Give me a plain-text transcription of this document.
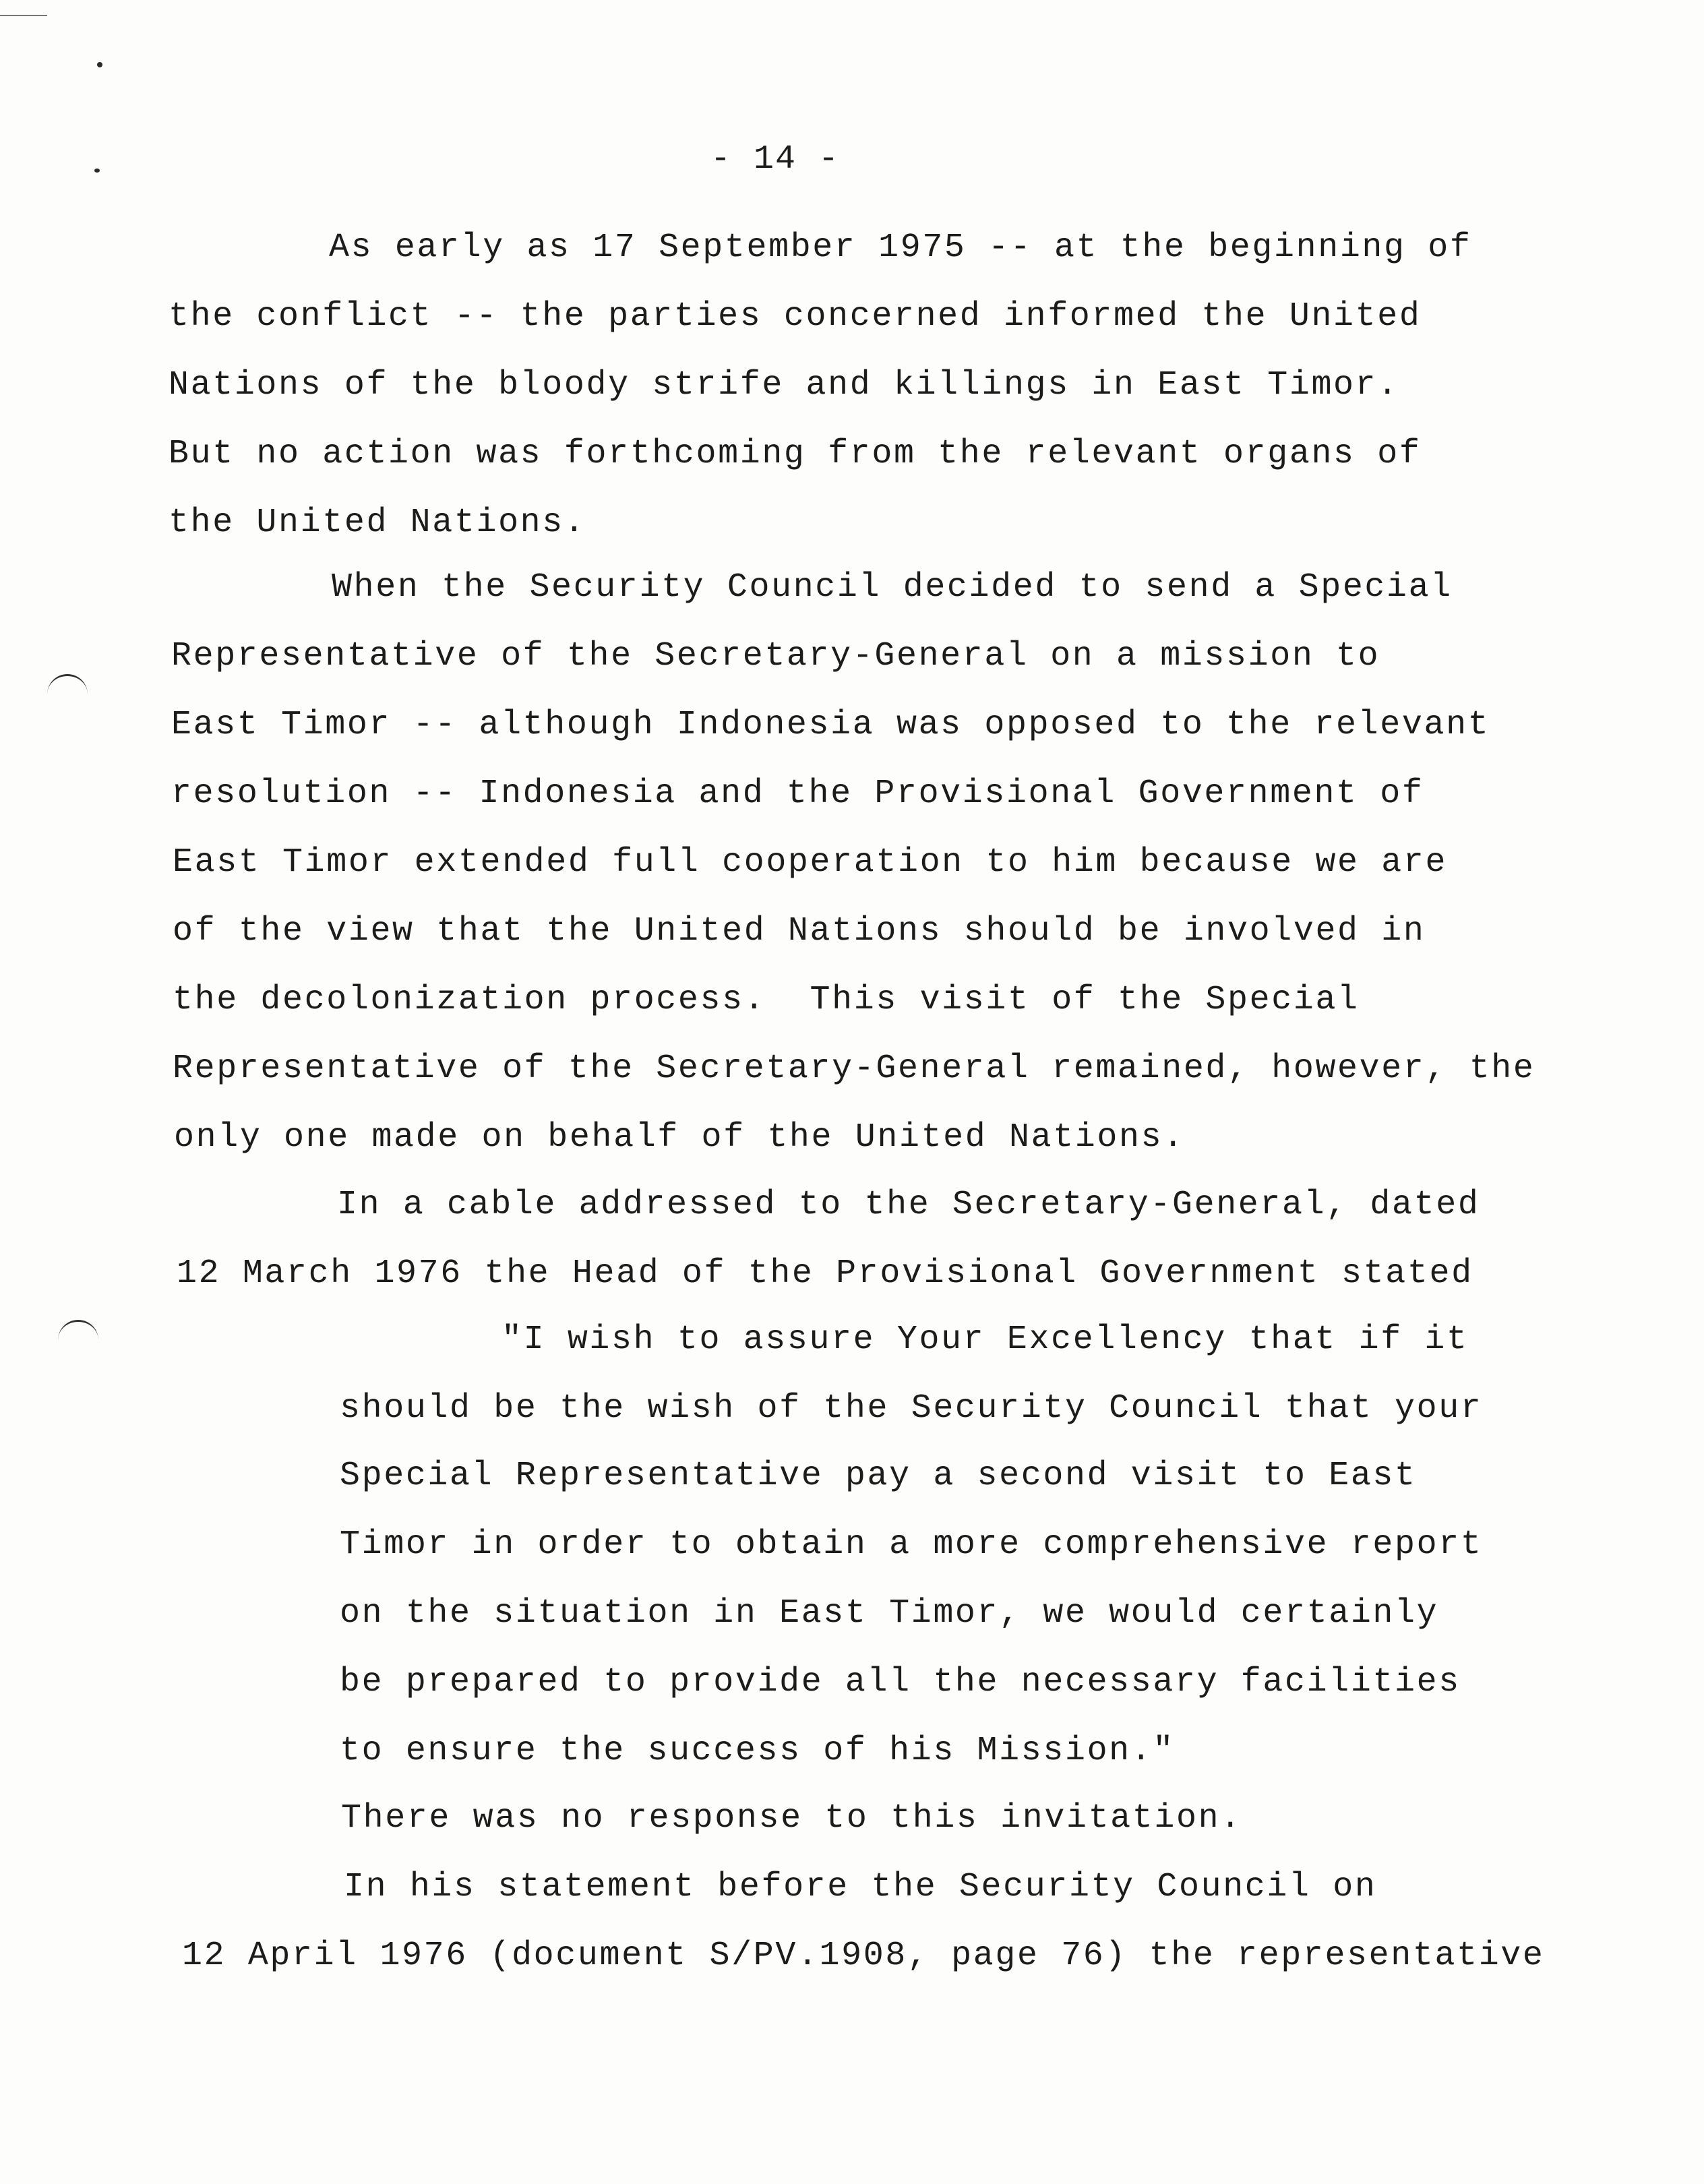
- 14 -
As early as 17 September 1975 -- at the beginning of
the conflict -- the parties concerned informed the United
Nations of the bloody strife and killings in East Timor.
But no action was forthcoming from the relevant organs of
the United Nations.
When the Security Council decided to send a Special
Representative of the Secretary-General on a mission to
East Timor -- although Indonesia was opposed to the relevant
resolution -- Indonesia and the Provisional Government of
East Timor extended full cooperation to him because we are
of the view that the United Nations should be involved in
the decolonization process.  This visit of the Special
Representative of the Secretary-General remained, however, the
only one made on behalf of the United Nations.
In a cable addressed to the Secretary-General, dated
12 March 1976 the Head of the Provisional Government stated
"I wish to assure Your Excellency that if it
should be the wish of the Security Council that your
Special Representative pay a second visit to East
Timor in order to obtain a more comprehensive report
on the situation in East Timor, we would certainly
be prepared to provide all the necessary facilities
to ensure the success of his Mission."
There was no response to this invitation.
In his statement before the Security Council on
12 April 1976 (document S/PV.1908, page 76) the representative
